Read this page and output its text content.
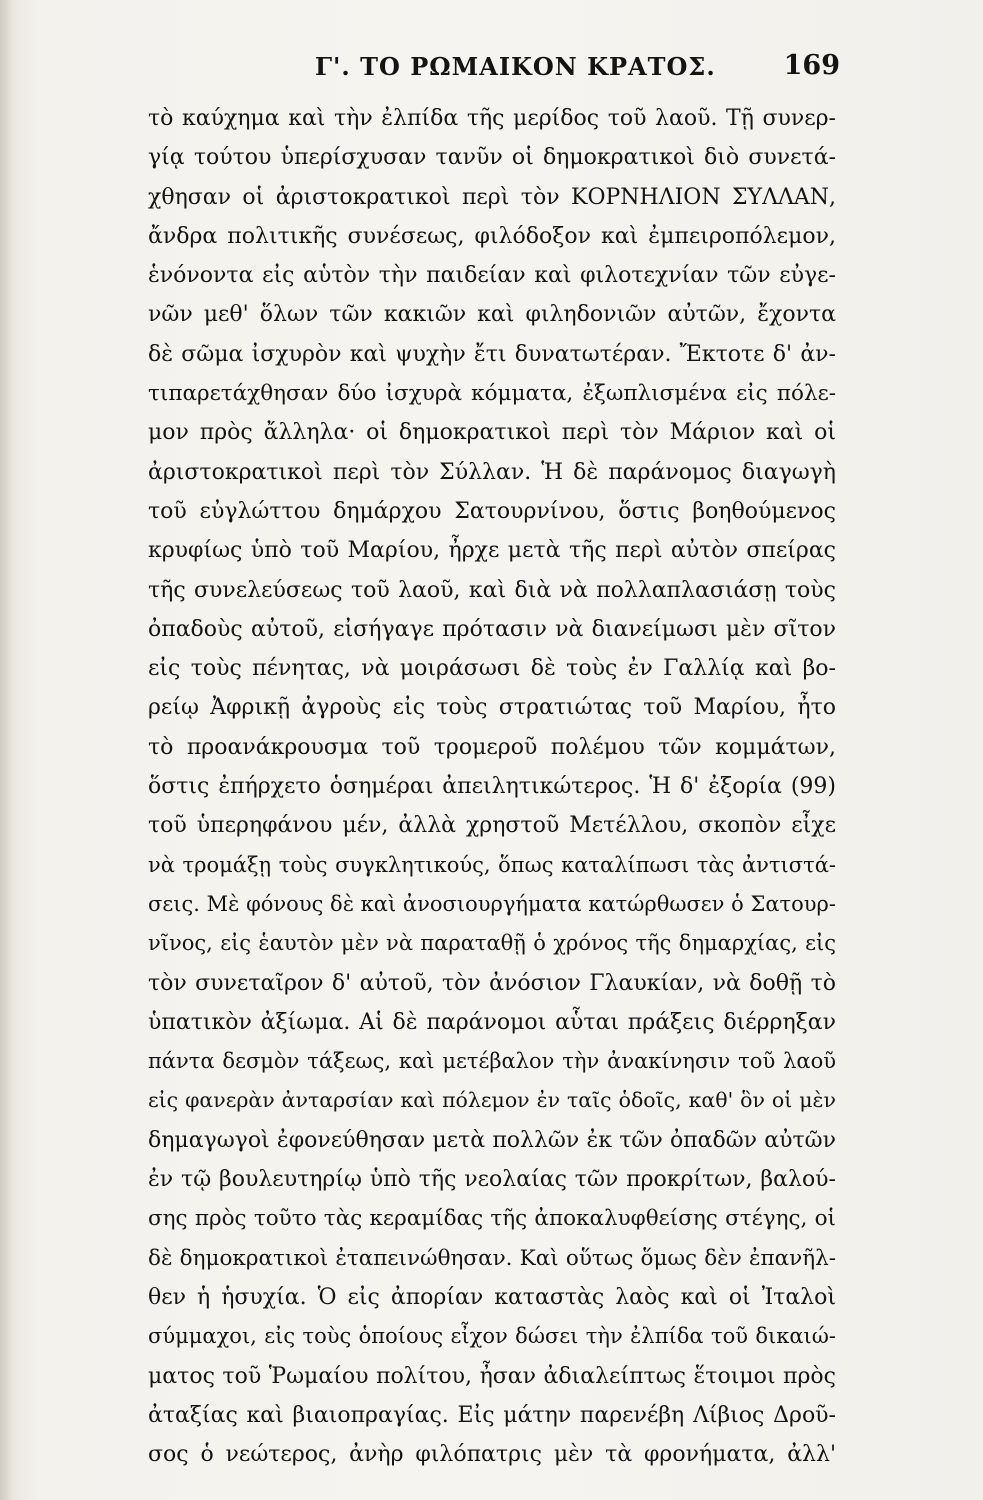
Γ'. ΤΟ ΡΩΜΑΙΚΟΝ ΚΡΑΤΟΣ.	169
τὸ καύχημα καὶ τὴν ἐλπίδα τῆς μερίδος τοῦ λαοῦ. Τῇ συνερ-
γίᾳ τούτου ὑπερίσχυσαν τανῦν οἱ δημοκρατικοὶ διὸ συνετά-
χθησαν οἱ ἀριστοκρατικοὶ περὶ τὸν ΚΟΡΝΗΛΙΟΝ ΣΥΛΛΑΝ,
ἄνδρα πολιτικῆς συνέσεως, φιλόδοξον καὶ ἐμπειροπόλεμον,
ἑνόνοντα εἰς αὑτὸν τὴν παιδείαν καὶ φιλοτεχνίαν τῶν εὐγε-
νῶν μεθ' ὅλων τῶν κακιῶν καὶ φιληδονιῶν αὐτῶν, ἔχοντα
δὲ σῶμα ἰσχυρὸν καὶ ψυχὴν ἔτι δυνατωτέραν. Ἔκτοτε δ' ἀν-
τιπαρετάχθησαν δύο ἰσχυρὰ κόμματα, ἐξωπλισμένα εἰς πόλε-
μον πρὸς ἄλληλα· οἱ δημοκρατικοὶ περὶ τὸν Μάριον καὶ οἱ
ἀριστοκρατικοὶ περὶ τὸν Σύλλαν. Ἡ δὲ παράνομος διαγωγὴ
τοῦ εὐγλώττου δημάρχου Σατουρνίνου, ὅστις βοηθούμενος
κρυφίως ὑπὸ τοῦ Μαρίου, ἦρχε μετὰ τῆς περὶ αὐτὸν σπείρας
τῆς συνελεύσεως τοῦ λαοῦ, καὶ διὰ νὰ πολλαπλασιάσῃ τοὺς
ὀπαδοὺς αὐτοῦ, εἰσήγαγε πρότασιν νὰ διανείμωσι μὲν σῖτον
εἰς τοὺς πένητας, νὰ μοιράσωσι δὲ τοὺς ἐν Γαλλίᾳ καὶ βο-
ρείῳ Ἀφρικῇ ἀγροὺς εἰς τοὺς στρατιώτας τοῦ Μαρίου, ἦτο
τὸ προανάκρουσμα τοῦ τρομεροῦ πολέμου τῶν κομμάτων,
ὅστις ἐπήρχετο ὁσημέραι ἀπειλητικώτερος. Ἡ δ' ἐξορία (99)
τοῦ ὑπερηφάνου μέν, ἀλλὰ χρηστοῦ Μετέλλου, σκοπὸν εἶχε
νὰ τρομάξῃ τοὺς συγκλητικούς, ὅπως καταλίπωσι τὰς ἀντιστά-
σεις. Μὲ φόνους δὲ καὶ ἀνοσιουργήματα κατώρθωσεν ὁ Σατουρ-
νῖνος, εἰς ἑαυτὸν μὲν νὰ παραταθῇ ὁ χρόνος τῆς δημαρχίας, εἰς
τὸν συνεταῖρον δ' αὐτοῦ, τὸν ἀνόσιον Γλαυκίαν, νὰ δοθῇ τὸ
ὑπατικὸν ἀξίωμα. Αἱ δὲ παράνομοι αὗται πράξεις διέρρηξαν
πάντα δεσμὸν τάξεως, καὶ μετέβαλον τὴν ἀνακίνησιν τοῦ λαοῦ
εἰς φανερὰν ἀνταρσίαν καὶ πόλεμον ἐν ταῖς ὁδοῖς, καθ' ὃν οἱ μὲν
δημαγωγοὶ ἐφονεύθησαν μετὰ πολλῶν ἐκ τῶν ὀπαδῶν αὐτῶν
ἐν τῷ βουλευτηρίῳ ὑπὸ τῆς νεολαίας τῶν προκρίτων, βαλού-
σης πρὸς τοῦτο τὰς κεραμίδας τῆς ἀποκαλυφθείσης στέγης, οἱ
δὲ δημοκρατικοὶ ἐταπεινώθησαν. Καὶ οὕτως ὅμως δὲν ἐπανῆλ-
θεν ἡ ἡσυχία. Ὁ εἰς ἀπορίαν καταστὰς λαὸς καὶ οἱ Ἰταλοὶ
σύμμαχοι, εἰς τοὺς ὁποίους εἶχον δώσει τὴν ἐλπίδα τοῦ δικαιώ-
ματος τοῦ Ῥωμαίου πολίτου, ἦσαν ἀδιαλείπτως ἕτοιμοι πρὸς
ἀταξίας καὶ βιαιοπραγίας. Εἰς μάτην παρενέβη Λίβιος Δροῦ-
σος ὁ νεώτερος, ἀνὴρ φιλόπατρις μὲν τὰ φρονήματα, ἀλλ'
